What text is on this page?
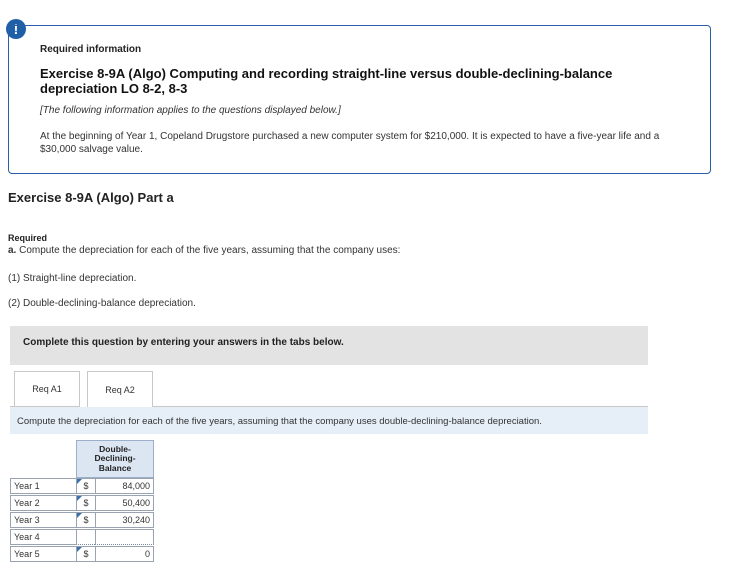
!
Required information
Exercise 8-9A (Algo) Computing and recording straight-line versus double-declining-balance depreciation LO 8-2, 8-3
[The following information applies to the questions displayed below.]
At the beginning of Year 1, Copeland Drugstore purchased a new computer system for $210,000. It is expected to have a five-year life and a $30,000 salvage value.
Exercise 8-9A (Algo) Part a
Required
a. Compute the depreciation for each of the five years, assuming that the company uses:
(1) Straight-line depreciation.
(2) Double-declining-balance depreciation.
Complete this question by entering your answers in the tabs below.
Req A1	Req A2
Compute the depreciation for each of the five years, assuming that the company uses double-declining-balance depreciation.
Double-Declining-Balance
Year 1	$	84,000
Year 2	$	50,400
Year 3	$	30,240
Year 4
Year 5	$	0
